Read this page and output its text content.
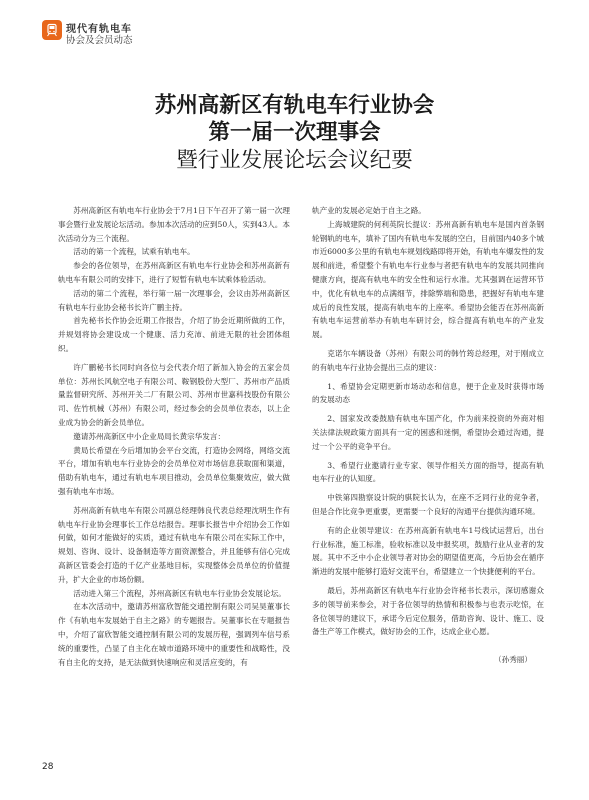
现代有轨电车
协会及会员动态
苏州高新区有轨电车行业协会
第一届一次理事会
暨行业发展论坛会议纪要

苏州高新区有轨电车行业协会于7月1日下午召开了第一届一次理事会暨行业发展论坛活动。参加本次活动的应到50人，实到43人。本次活动分为三个流程。

活动的第一个流程，试乘有轨电车。

参会的各位领导，在苏州高新区有轨电车行业协会和苏州高新有轨电车有限公司的安排下，进行了短暂有轨电车试乘体验活动。

活动的第二个流程，举行第一届一次理事会，会议由苏州高新区有轨电车行业协会秘书长许广鹏主持。

首先秘书长作协会近期工作报告，介绍了协会近期所做的工作，并规划将协会建设成一个健康、活力充沛、前进无限的社会团体组织。

许广鹏秘书长同时向各位与会代表介绍了新加入协会的五家会员单位：苏州长风航空电子有限公司、鞍钢股份大型厂、苏州市产品质量监督研究所、苏州开关二厂有限公司、苏州市世嘉科技股份有限公司、佐竹机械（苏州）有限公司，经过参会的会员单位表态，以上企业成为协会的新会员单位。

邀请苏州高新区中小企业局局长黄宗华发言：

黄局长希望在今后增加协会平台交流，打造协会网络，网络交流平台，增加有轨电车行业协会的会员单位对市场信息获取面和渠道，借助有轨电车，通过有轨电车项目推动，会员单位集聚效应，做大做强有轨电车市场。

苏州高新有轨电车有限公司副总经理韩良代表总经理沈明生作有轨电车行业协会理事长工作总结报告。理事长报告中介绍协会工作如何做，如何才能做好的实质，通过有轨电车有限公司在实际工作中，规划、咨询、设计、设备制造等方面资源整合，并且能够有信心完成高新区管委会打造的千亿产业基地目标，实现整体会员单位的价值提升，扩大企业的市场份额。

活动进入第三个流程，苏州高新区有轨电车行业协会发展论坛。

在本次活动中，邀请苏州富欣智能交通控制有限公司吴昊董事长作《有轨电车发展始于自主之路》的专题报告。吴董事长在专题报告中，介绍了富欣智能交通控制有限公司的发展历程，强调列车信号系统的重要性，凸显了自主化在城市道路环境中的重要性和战略性，没有自主化的支持，是无法做到快速响应和灵活应变的，有

轨产业的发展必定始于自主之路。

上海城建院的何利英院长提议：苏州高新有轨电车是国内首条钢轮钢轨的电车，填补了国内有轨电车发展的空白，目前国内40多个城市近6000多公里的有轨电车规划线路即将开始，有轨电车爆发性的发展和前进，希望整个有轨电车行业参与者把有轨电车的发展共同推向健康方向，提高有轨电车的安全性和运行水准。尤其强调在运营环节中，优化有轨电车的点满细节，排除弊端和隐患，把握好有轨电车建成后的良性发展，提高有轨电车的上座率。希望协会能否在苏州高新有轨电车运营前举办有轨电车研讨会，综合提高有轨电车的产业发展。

克诺尔车辆设备（苏州）有限公司的韩竹筠总经理，对于刚成立的有轨电车行业协会提出三点的建议：

1、希望协会定期更新市场动态和信息，便于企业及时获得市场的发展动态

2、国家发改委鼓励有轨电车国产化，作为前来投资的外商对相关法律法规政策方面具有一定的困惑和迷惘，希望协会通过沟通，提过一个公平的竞争平台。

3、希望行业邀请行业专家、领导作相关方面的指导，提高有轨电车行业的认知度。

中铁第四勘察设计院的骐院长认为，在座不乏同行业的竞争者，但是合作比竞争更重要，更需要一个良好的沟通平台提供沟通环境。

有的企业领导建议：在苏州高新有轨电车1号线试运营后，出台行业标准，施工标准，验收标准以及申报奖项，鼓励行业从业者的发展。其中不乏中小企业领导者对协会的期望值更高，今后协会在循序渐进的发展中能够打造好交流平台，希望建立一个快捷便利的平台。

最后，苏州高新区有轨电车行业协会许秘书长表示，深切感谢众多的领导前来参会，对于各位领导的热情和积极参与也表示吃惊，在各位领导的建议下，承诺今后定位服务，借助咨询、设计、施工、设备生产等工作模式，做好协会的工作，达成企业心愿。

（孙秀丽）
28
